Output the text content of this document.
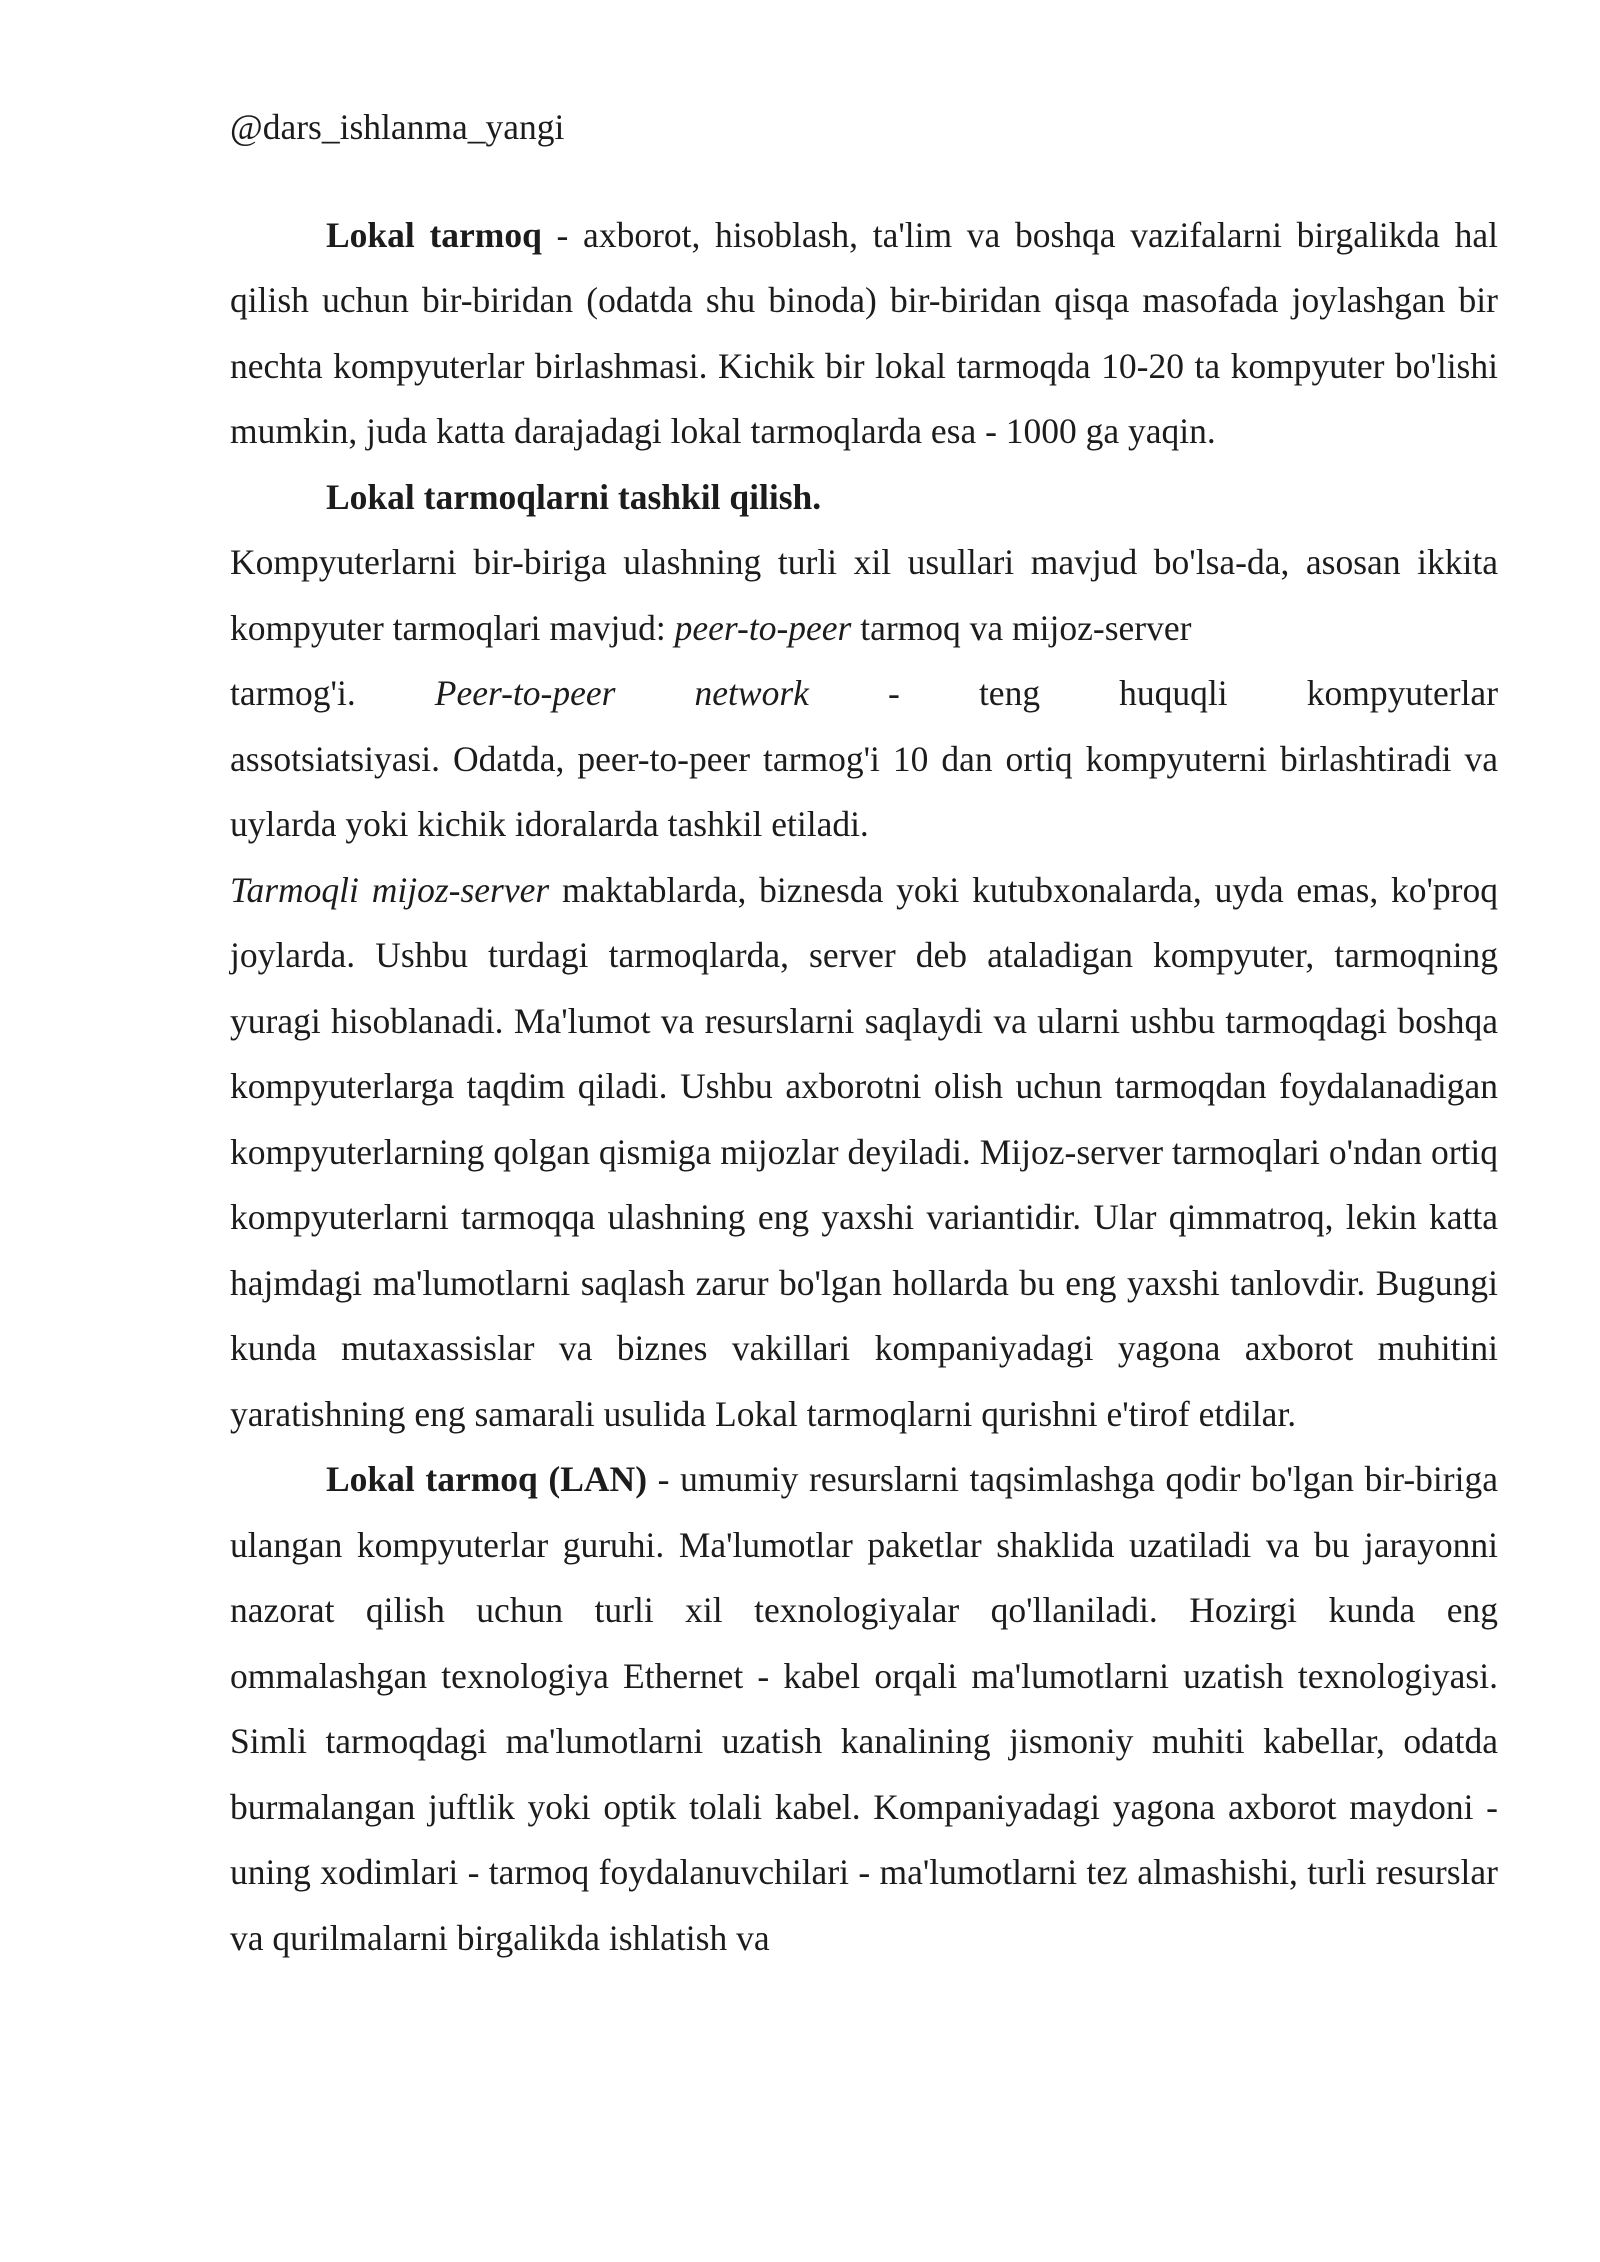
@dars_ishlanma_yangi

Lokal tarmoq - axborot, hisoblash, ta'lim va boshqa vazifalarni birgalikda hal qilish uchun bir-biridan (odatda shu binoda) bir-biridan qisqa masofada joylashgan bir nechta kompyuterlar birlashmasi. Kichik bir lokal tarmoqda 10-20 ta kompyuter bo'lishi mumkin, juda katta darajadagi lokal tarmoqlarda esa - 1000 ga yaqin.

Lokal tarmoqlarni tashkil qilish.

Kompyuterlarni bir-biriga ulashning turli xil usullari mavjud bo'lsa-da, asosan ikkita kompyuter tarmoqlari mavjud: peer-to-peer tarmoq va mijoz-server
tarmog'i. Peer-to-peer network - teng huquqli kompyuterlar
assotsiatsiyasi. Odatda, peer-to-peer tarmog'i 10 dan ortiq kompyuterni birlashtiradi va uylarda yoki kichik idoralarda tashkil etiladi.

Tarmoqli mijoz-server maktablarda, biznesda yoki kutubxonalarda, uyda emas, ko'proq joylarda. Ushbu turdagi tarmoqlarda, server deb ataladigan kompyuter, tarmoqning yuragi hisoblanadi. Ma'lumot va resurslarni saqlaydi va ularni ushbu tarmoqdagi boshqa kompyuterlarga taqdim qiladi. Ushbu axborotni olish uchun tarmoqdan foydalanadigan kompyuterlarning qolgan qismiga mijozlar deyiladi. Mijoz-server tarmoqlari o'ndan ortiq kompyuterlarni tarmoqqa ulashning eng yaxshi variantidir. Ular qimmatroq, lekin katta hajmdagi ma'lumotlarni saqlash zarur bo'lgan hollarda bu eng yaxshi tanlovdir. Bugungi kunda mutaxassislar va biznes vakillari kompaniyadagi yagona axborot muhitini yaratishning eng samarali usulida Lokal tarmoqlarni qurishni e'tirof etdilar.

Lokal tarmoq (LAN) - umumiy resurslarni taqsimlashga qodir bo'lgan bir-biriga ulangan kompyuterlar guruhi. Ma'lumotlar paketlar shaklida uzatiladi va bu jarayonni nazorat qilish uchun turli xil texnologiyalar qo'llaniladi. Hozirgi kunda eng ommalashgan texnologiya Ethernet - kabel orqali ma'lumotlarni uzatish texnologiyasi. Simli tarmoqdagi ma'lumotlarni uzatish kanalining jismoniy muhiti kabellar, odatda burmalangan juftlik yoki optik tolali kabel. Kompaniyadagi yagona axborot maydoni - uning xodimlari - tarmoq foydalanuvchilari - ma'lumotlarni tez almashishi, turli resurslar va qurilmalarni birgalikda ishlatish va
